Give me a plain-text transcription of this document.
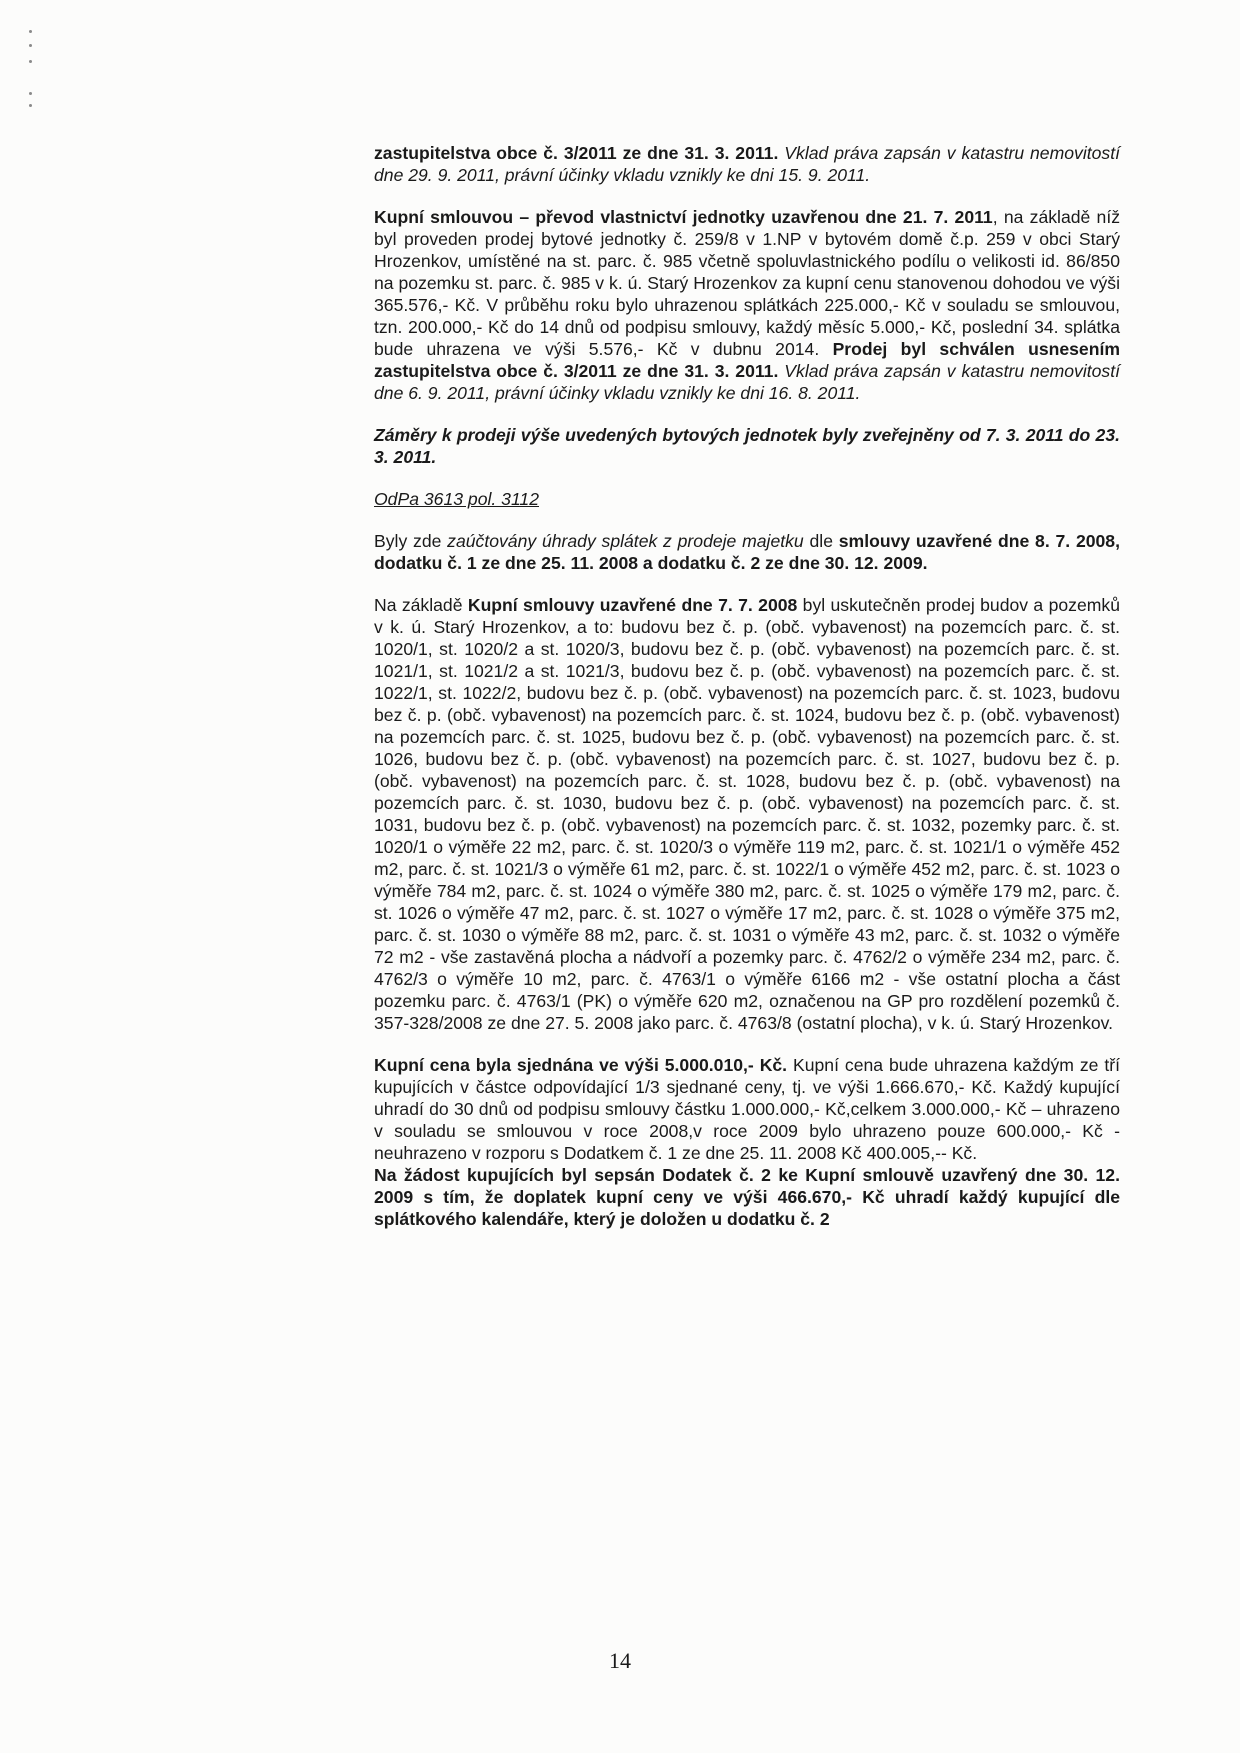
zastupitelstva obce č. 3/2011 ze dne 31. 3. 2011. Vklad práva zapsán v katastru nemovitostí dne 29. 9. 2011, právní účinky vkladu vznikly ke dni 15. 9. 2011.

Kupní smlouvou – převod vlastnictví jednotky uzavřenou dne 21. 7. 2011, na základě níž byl proveden prodej bytové jednotky č. 259/8 v 1.NP v bytovém domě č.p. 259 v obci Starý Hrozenkov, umístěné na st. parc. č. 985 včetně spoluvlastnického podílu o velikosti id. 86/850 na pozemku st. parc. č. 985 v k. ú. Starý Hrozenkov za kupní cenu stanovenou dohodou ve výši 365.576,- Kč. V průběhu roku bylo uhrazenou splátkách 225.000,- Kč v souladu se smlouvou, tzn. 200.000,- Kč do 14 dnů od podpisu smlouvy, každý měsíc 5.000,- Kč, poslední 34. splátka bude uhrazena ve výši 5.576,- Kč v dubnu 2014. Prodej byl schválen usnesením zastupitelstva obce č. 3/2011 ze dne 31. 3. 2011. Vklad práva zapsán v katastru nemovitostí dne 6. 9. 2011, právní účinky vkladu vznikly ke dni 16. 8. 2011.

Záměry k prodeji výše uvedených bytových jednotek byly zveřejněny od 7. 3. 2011 do 23. 3. 2011.

OdPa 3613 pol. 3112

Byly zde zaúčtovány úhrady splátek z prodeje majetku dle smlouvy uzavřené dne 8. 7. 2008, dodatku č. 1 ze dne 25. 11. 2008 a dodatku č. 2 ze dne 30. 12. 2009.

Na základě Kupní smlouvy uzavřené dne 7. 7. 2008 byl uskutečněn prodej budov a pozemků v k. ú. Starý Hrozenkov, a to: budovu bez č. p. (obč. vybavenost) na pozemcích parc. č. st. 1020/1, st. 1020/2 a st. 1020/3, budovu bez č. p. (obč. vybavenost) na pozemcích parc. č. st. 1021/1, st. 1021/2 a st. 1021/3, budovu bez č. p. (obč. vybavenost) na pozemcích parc. č. st. 1022/1, st. 1022/2, budovu bez č. p. (obč. vybavenost) na pozemcích parc. č. st. 1023, budovu bez č. p. (obč. vybavenost) na pozemcích parc. č. st. 1024, budovu bez č. p. (obč. vybavenost) na pozemcích parc. č. st. 1025, budovu bez č. p. (obč. vybavenost) na pozemcích parc. č. st. 1026, budovu bez č. p. (obč. vybavenost) na pozemcích parc. č. st. 1027, budovu bez č. p. (obč. vybavenost) na pozemcích parc. č. st. 1028, budovu bez č. p. (obč. vybavenost) na pozemcích parc. č. st. 1030, budovu bez č. p. (obč. vybavenost) na pozemcích parc. č. st. 1031, budovu bez č. p. (obč. vybavenost) na pozemcích parc. č. st. 1032, pozemky parc. č. st. 1020/1 o výměře 22 m2, parc. č. st. 1020/3 o výměře 119 m2, parc. č. st. 1021/1 o výměře 452 m2, parc. č. st. 1021/3 o výměře 61 m2, parc. č. st. 1022/1 o výměře 452 m2, parc. č. st. 1023 o výměře 784 m2, parc. č. st. 1024 o výměře 380 m2, parc. č. st. 1025 o výměře 179 m2, parc. č. st. 1026 o výměře 47 m2, parc. č. st. 1027 o výměře 17 m2, parc. č. st. 1028 o výměře 375 m2, parc. č. st. 1030 o výměře 88 m2, parc. č. st. 1031 o výměře 43 m2, parc. č. st. 1032 o výměře 72 m2 - vše zastavěná plocha a nádvoří a pozemky parc. č. 4762/2 o výměře 234 m2, parc. č. 4762/3 o výměře 10 m2, parc. č. 4763/1 o výměře 6166 m2 - vše ostatní plocha a část pozemku parc. č. 4763/1 (PK) o výměře 620 m2, označenou na GP pro rozdělení pozemků č. 357-328/2008 ze dne 27. 5. 2008 jako parc. č. 4763/8 (ostatní plocha), v k. ú. Starý Hrozenkov.

Kupní cena byla sjednána ve výši 5.000.010,- Kč. Kupní cena bude uhrazena každým ze tří kupujících v částce odpovídající 1/3 sjednané ceny, tj. ve výši 1.666.670,- Kč. Každý kupující uhradí do 30 dnů od podpisu smlouvy částku 1.000.000,- Kč,celkem 3.000.000,- Kč – uhrazeno v souladu se smlouvou v roce 2008,v roce 2009 bylo uhrazeno pouze 600.000,- Kč - neuhrazeno v rozporu s Dodatkem č. 1 ze dne 25. 11. 2008 Kč 400.005,-- Kč.

Na žádost kupujících byl sepsán Dodatek č. 2 ke Kupní smlouvě uzavřený dne 30. 12. 2009 s tím, že doplatek kupní ceny ve výši 466.670,- Kč uhradí každý kupující dle splátkového kalendáře, který je doložen u dodatku č. 2

14
